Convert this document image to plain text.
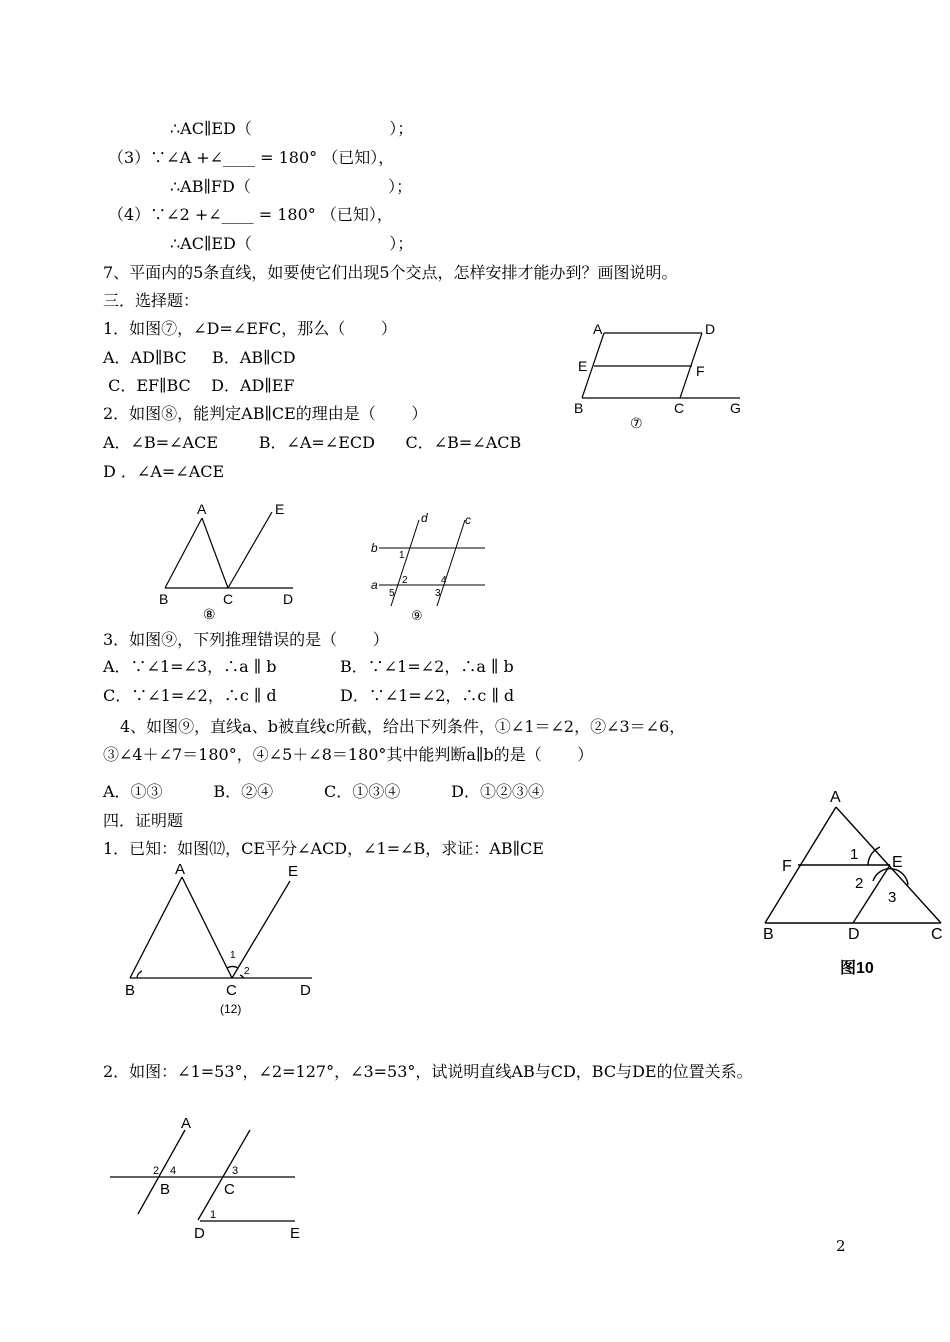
∴AC∥ED（                           ）；
（3）∵∠A +∠____ = 180° （已知），
∴AB∥FD（                           ）；
（4）∵∠2 +∠____ = 180° （已知），
∴AC∥ED（                           ）；
7、平面内的5条直线，如要使它们出现5个交点，怎样安排才能办到？画图说明。
三．选择题：
1．如图⑦，∠D=∠EFC，那么（       ）
A．AD∥BC     B．AB∥CD
C．EF∥BC    D．AD∥EF
2．如图⑧，能判定AB∥CE的理由是（       ）
A．∠B=∠ACE        B．∠A=∠ECD      C．∠B=∠ACB
D ．∠A=∠ACE
3．如图⑨，下列推理错误的是（       ）
A．∵∠1=∠3，∴a ∥ b	B．∵∠1=∠2，∴a ∥ b
C．∵∠1=∠2，∴c ∥ d	D．∵∠1=∠2，∴c ∥ d
4、如图⑨，直线a、b被直线c所截，给出下列条件，①∠1＝∠2，②∠3＝∠6，
③∠4＋∠7＝180°，④∠5＋∠8＝180°其中能判断a∥b的是（       ）
A．①③          B．②④          C．①③④          D．①②③④
四．证明题
1．已知：如图⑿，CE平分∠ACD，∠1=∠B，求证：AB∥CE
2．如图：∠1=53°，∠2=127°，∠3=53°，试说明直线AB与CD，BC与DE的位置关系。
2
A	D
E	F
B	C	G
⑦
A	E
B	C	D
⑧
d	c
b
a
1
2	4
5	3
⑨
A
F	E
1
2
3
B	D	C
图10
A	E
1
2
B	C	D
(12)
A
2 4	3
B	C
1
D	E
